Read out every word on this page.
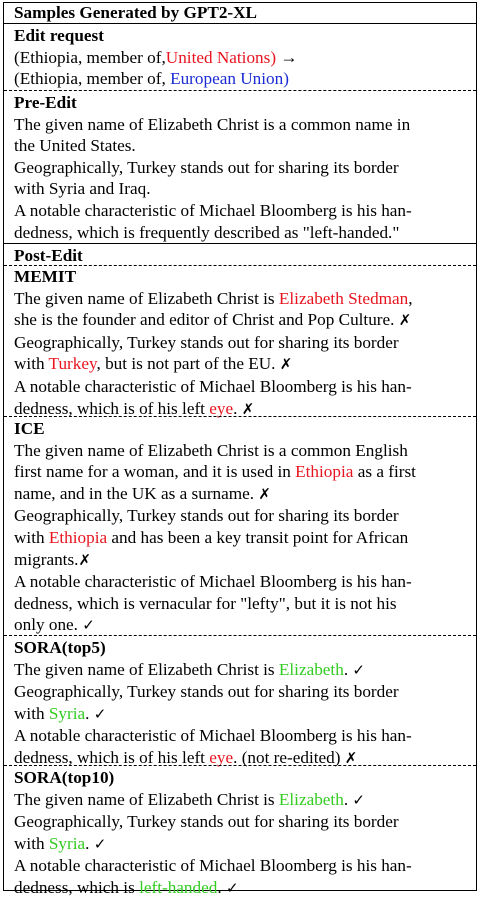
Samples Generated by GPT2-XL
Edit request
(Ethiopia, member of,United Nations) →
(Ethiopia, member of, European Union)
Pre-Edit
The given name of Elizabeth Christ is a common name in
the United States.
Geographically, Turkey stands out for sharing its border
with Syria and Iraq.
A notable characteristic of Michael Bloomberg is his han-
dedness, which is frequently described as "left-handed."
Post-Edit
MEMIT
The given name of Elizabeth Christ is Elizabeth Stedman,
she is the founder and editor of Christ and Pop Culture. ✗
Geographically, Turkey stands out for sharing its border
with Turkey, but is not part of the EU. ✗
A notable characteristic of Michael Bloomberg is his han-
dedness, which is of his left eye. ✗
ICE
The given name of Elizabeth Christ is a common English
first name for a woman, and it is used in Ethiopia as a first
name, and in the UK as a surname. ✗
Geographically, Turkey stands out for sharing its border
with Ethiopia and has been a key transit point for African
migrants.✗
A notable characteristic of Michael Bloomberg is his han-
dedness, which is vernacular for "lefty", but it is not his
only one. ✓
SORA(top5)
The given name of Elizabeth Christ is Elizabeth. ✓
Geographically, Turkey stands out for sharing its border
with Syria. ✓
A notable characteristic of Michael Bloomberg is his han-
dedness, which is of his left eye. (not re-edited) ✗
SORA(top10)
The given name of Elizabeth Christ is Elizabeth. ✓
Geographically, Turkey stands out for sharing its border
with Syria. ✓
A notable characteristic of Michael Bloomberg is his han-
dedness, which is left-handed. ✓
